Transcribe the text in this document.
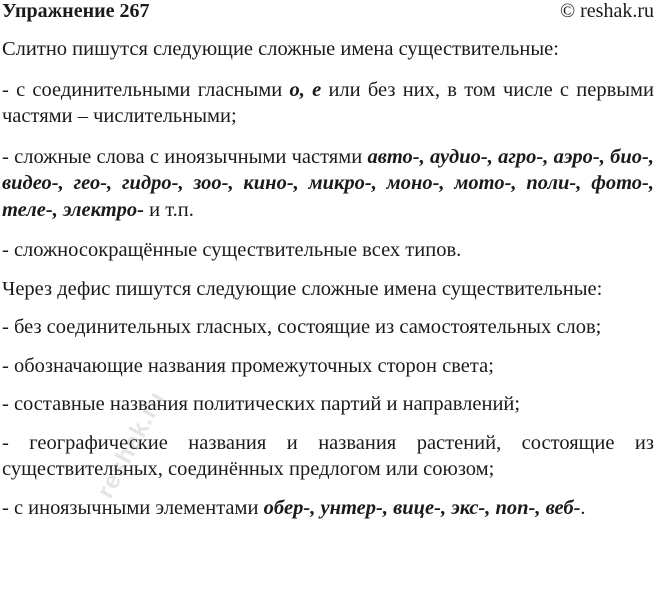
Упражнение 267	© reshak.ru

Слитно пишутся следующие сложные имена существительные:

- с соединительными гласными о, е или без них, в том числе с первыми частями – числительными;

- сложные слова с иноязычными частями авто-, аудио-, агро-, аэро-, био-, видео-, гео-, гидро-, зоо-, кино-, микро-, моно-, мото-, поли-, фото-, теле-, электро- и т.п.

- сложносокращённые существительные всех типов.

Через дефис пишутся следующие сложные имена существительные:

- без соединительных гласных, состоящие из самостоятельных слов;

- обозначающие названия промежуточных сторон света;

- составные названия политических партий и направлений;

- географические названия и названия растений, состоящие из существительных, соединённых предлогом или союзом;

- с иноязычными элементами обер-, унтер-, вице-, экс-, поп-, веб-.

reshak.ru
